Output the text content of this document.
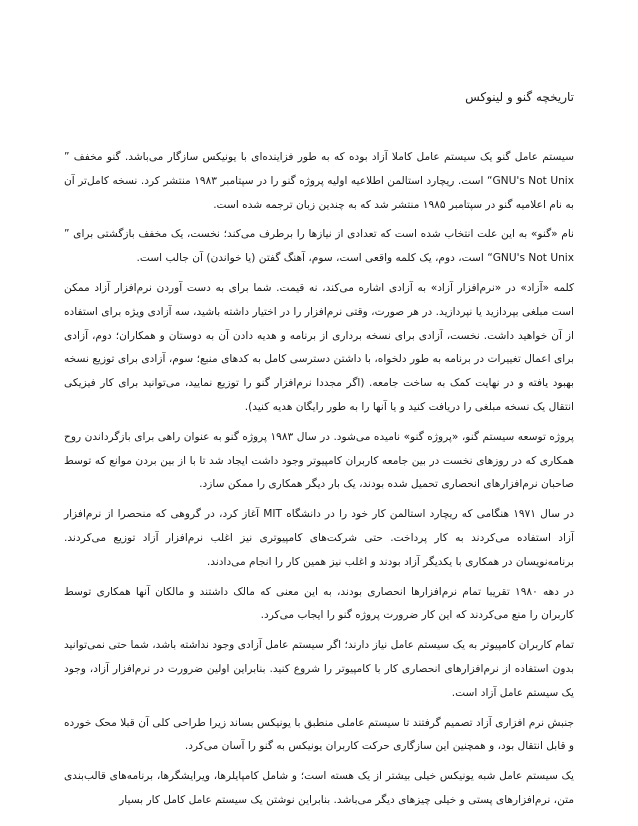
تاریخچه گنو و لینوکس

سیستم عامل گنو یک سیستم عامل کاملا آزاد بوده که به طور فزاینده‌ای با یونیکس سازگار می‌باشد. گنو مخفف ” GNU's Not Unix“ است. ریچارد استالمن اطلاعیه اولیه پروژه گنو را در سپتامبر ۱۹۸۳ منتشر کرد. نسخه کامل‌تر آن به نام اعلامیه گنو در سپتامبر ۱۹۸۵ منتشر شد که به چندین زبان ترجمه شده است.

نام «گنو» به این علت انتخاب شده است که تعدادی از نیازها را برطرف می‌کند؛ نخست، یک مخفف بازگشتی برای ” GNU's Not Unix“ است، دوم، یک کلمه واقعی است، سوم، آهنگ گفتن (یا خواندن) آن جالب است.

کلمه «آزاد» در «نرم‌افزار آزاد» به آزادی اشاره می‌کند، نه قیمت. شما برای به دست آوردن نرم‌افزار آزاد ممکن است مبلغی بپردازید یا نپردازید. در هر صورت، وقتی نرم‌افزار را در اختیار داشته باشید، سه آزادی ویژه برای استفاده از آن خواهید داشت. نخست، آزادی برای نسخه برداری از برنامه و هدیه دادن آن به دوستان و همکاران؛ دوم، آزادی برای اعمال تغییرات در برنامه به طور دلخواه، با داشتن دسترسی کامل به کدهای منبع؛ سوم، آزادی برای توزیع نسخه بهبود یافته و در نهایت کمک به ساخت جامعه. (اگر مجددا نرم‌افزار گنو را توزیع نمایید، می‌توانید برای کار فیزیکی انتقال یک نسخه مبلغی را دریافت کنید و یا آنها را به طور رایگان هدیه کنید).

پروژه توسعه سیستم گنو، «پروژه گنو» نامیده می‌شود. در سال ۱۹۸۳ پروژه گنو به عنوان راهی برای بازگرداندن روح همکاری که در روزهای نخست در بین جامعه کاربران کامپیوتر وجود داشت ایجاد شد تا با از بین بردن موانع که توسط صاحبان نرم‌افزارهای انحصاری تحمیل شده بودند، یک بار دیگر همکاری را ممکن سازد.

در سال ۱۹۷۱ هنگامی که ریچارد استالمن کار خود را در دانشگاه MIT آغاز کرد، در گروهی که منحصرا از نرم‌افزار آزاد استفاده می‌کردند به کار پرداخت. حتی شرکت‌های کامپیوتری نیز اغلب نرم‌افزار آزاد توزیع می‌کردند. برنامه‌نویسان در همکاری با یکدیگر آزاد بودند و اغلب نیز همین کار را انجام می‌دادند.

در دهه ۱۹۸۰ تقریبا تمام نرم‌افزارها انحصاری بودند، به این معنی که مالک داشتند و مالکان آنها همکاری توسط کاربران را منع می‌کردند که این کار ضرورت پروژه گنو را ایجاب می‌کرد.

تمام کاربران کامپیوتر به یک سیستم عامل نیاز دارند؛ اگر سیستم عامل آزادی وجود نداشته باشد، شما حتی نمی‌توانید بدون استفاده از نرم‌افزارهای انحصاری کار با کامپیوتر را شروع کنید. بنابراین اولین ضرورت در نرم‌افزار آزاد، وجود یک سیستم عامل آزاد است.

جنبش نرم افزاری آزاد تصمیم گرفتند تا سیستم عاملی منطبق با یونیکس بساند زیرا طراحی کلی آن قبلا محک خورده و قابل انتقال بود، و همچنین این سازگاری حرکت کاربران یونیکس به گنو را آسان می‌کرد.

یک سیستم عامل شبه یونیکس خیلی بیشتر از یک هسته است؛ و شامل کامپایلرها، ویرایشگرها، برنامه‌های قالب‌بندی متن، نرم‌افزارهای پستی و خیلی چیزهای دیگر می‌باشد. بنابراین نوشتن یک سیستم عامل کامل کار بسیار
